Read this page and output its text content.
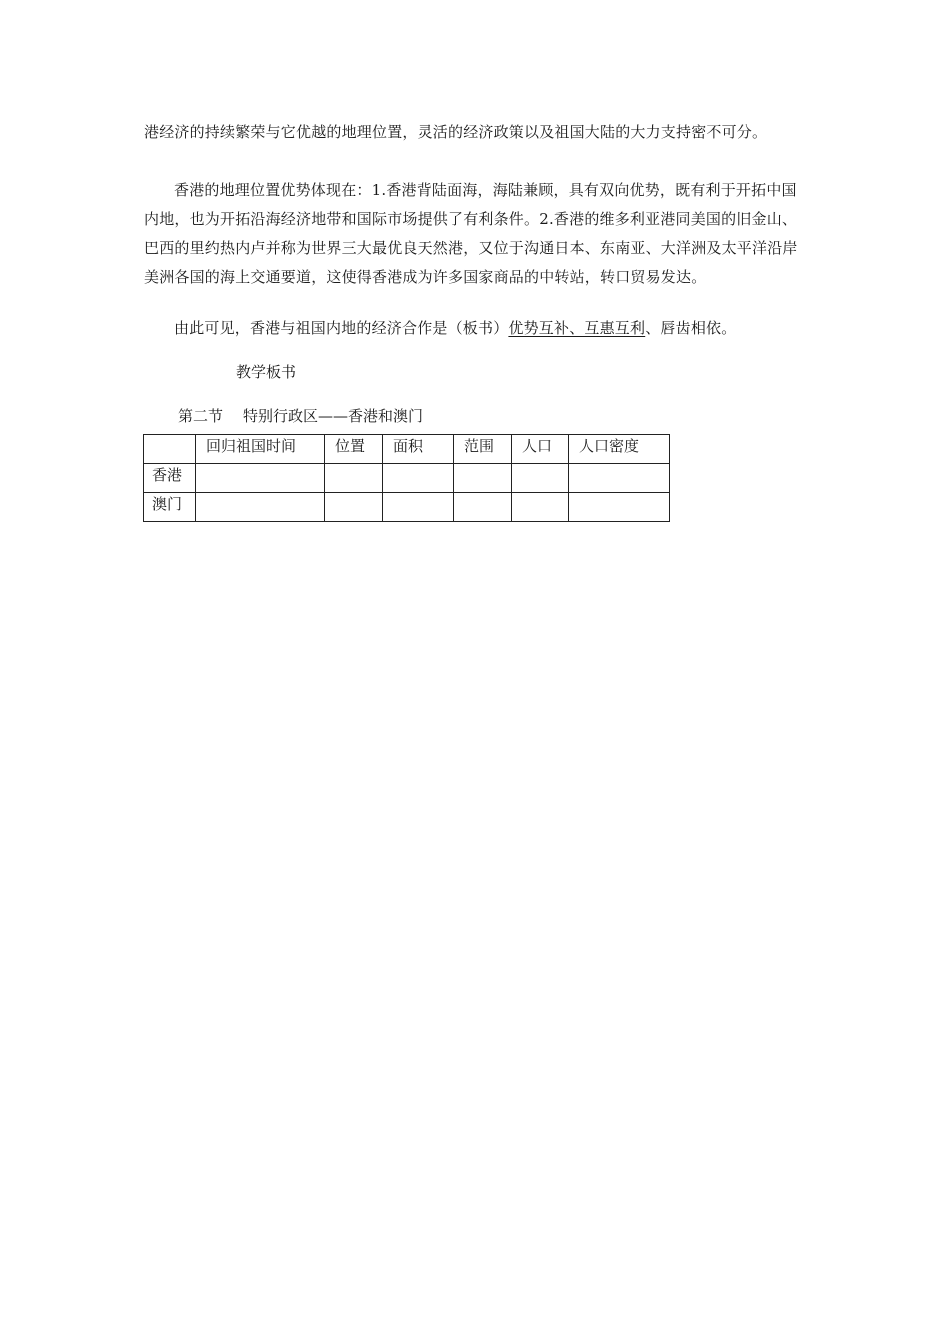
港经济的持续繁荣与它优越的地理位置，灵活的经济政策以及祖国大陆的大力支持密不可分。

香港的地理位置优势体现在：1.香港背陆面海，海陆兼顾，具有双向优势，既有利于开拓中国内地，也为开拓沿海经济地带和国际市场提供了有利条件。2.香港的维多利亚港同美国的旧金山、巴西的里约热内卢并称为世界三大最优良天然港，又位于沟通日本、东南亚、大洋洲及太平洋沿岸美洲各国的海上交通要道，这使得香港成为许多国家商品的中转站，转口贸易发达。

由此可见，香港与祖国内地的经济合作是（板书）优势互补、互惠互利、唇齿相依。

教学板书

第二节 特别行政区——香港和澳门

	回归祖国时间	位置	面积	范围	人口	人口密度
香港						
澳门						
